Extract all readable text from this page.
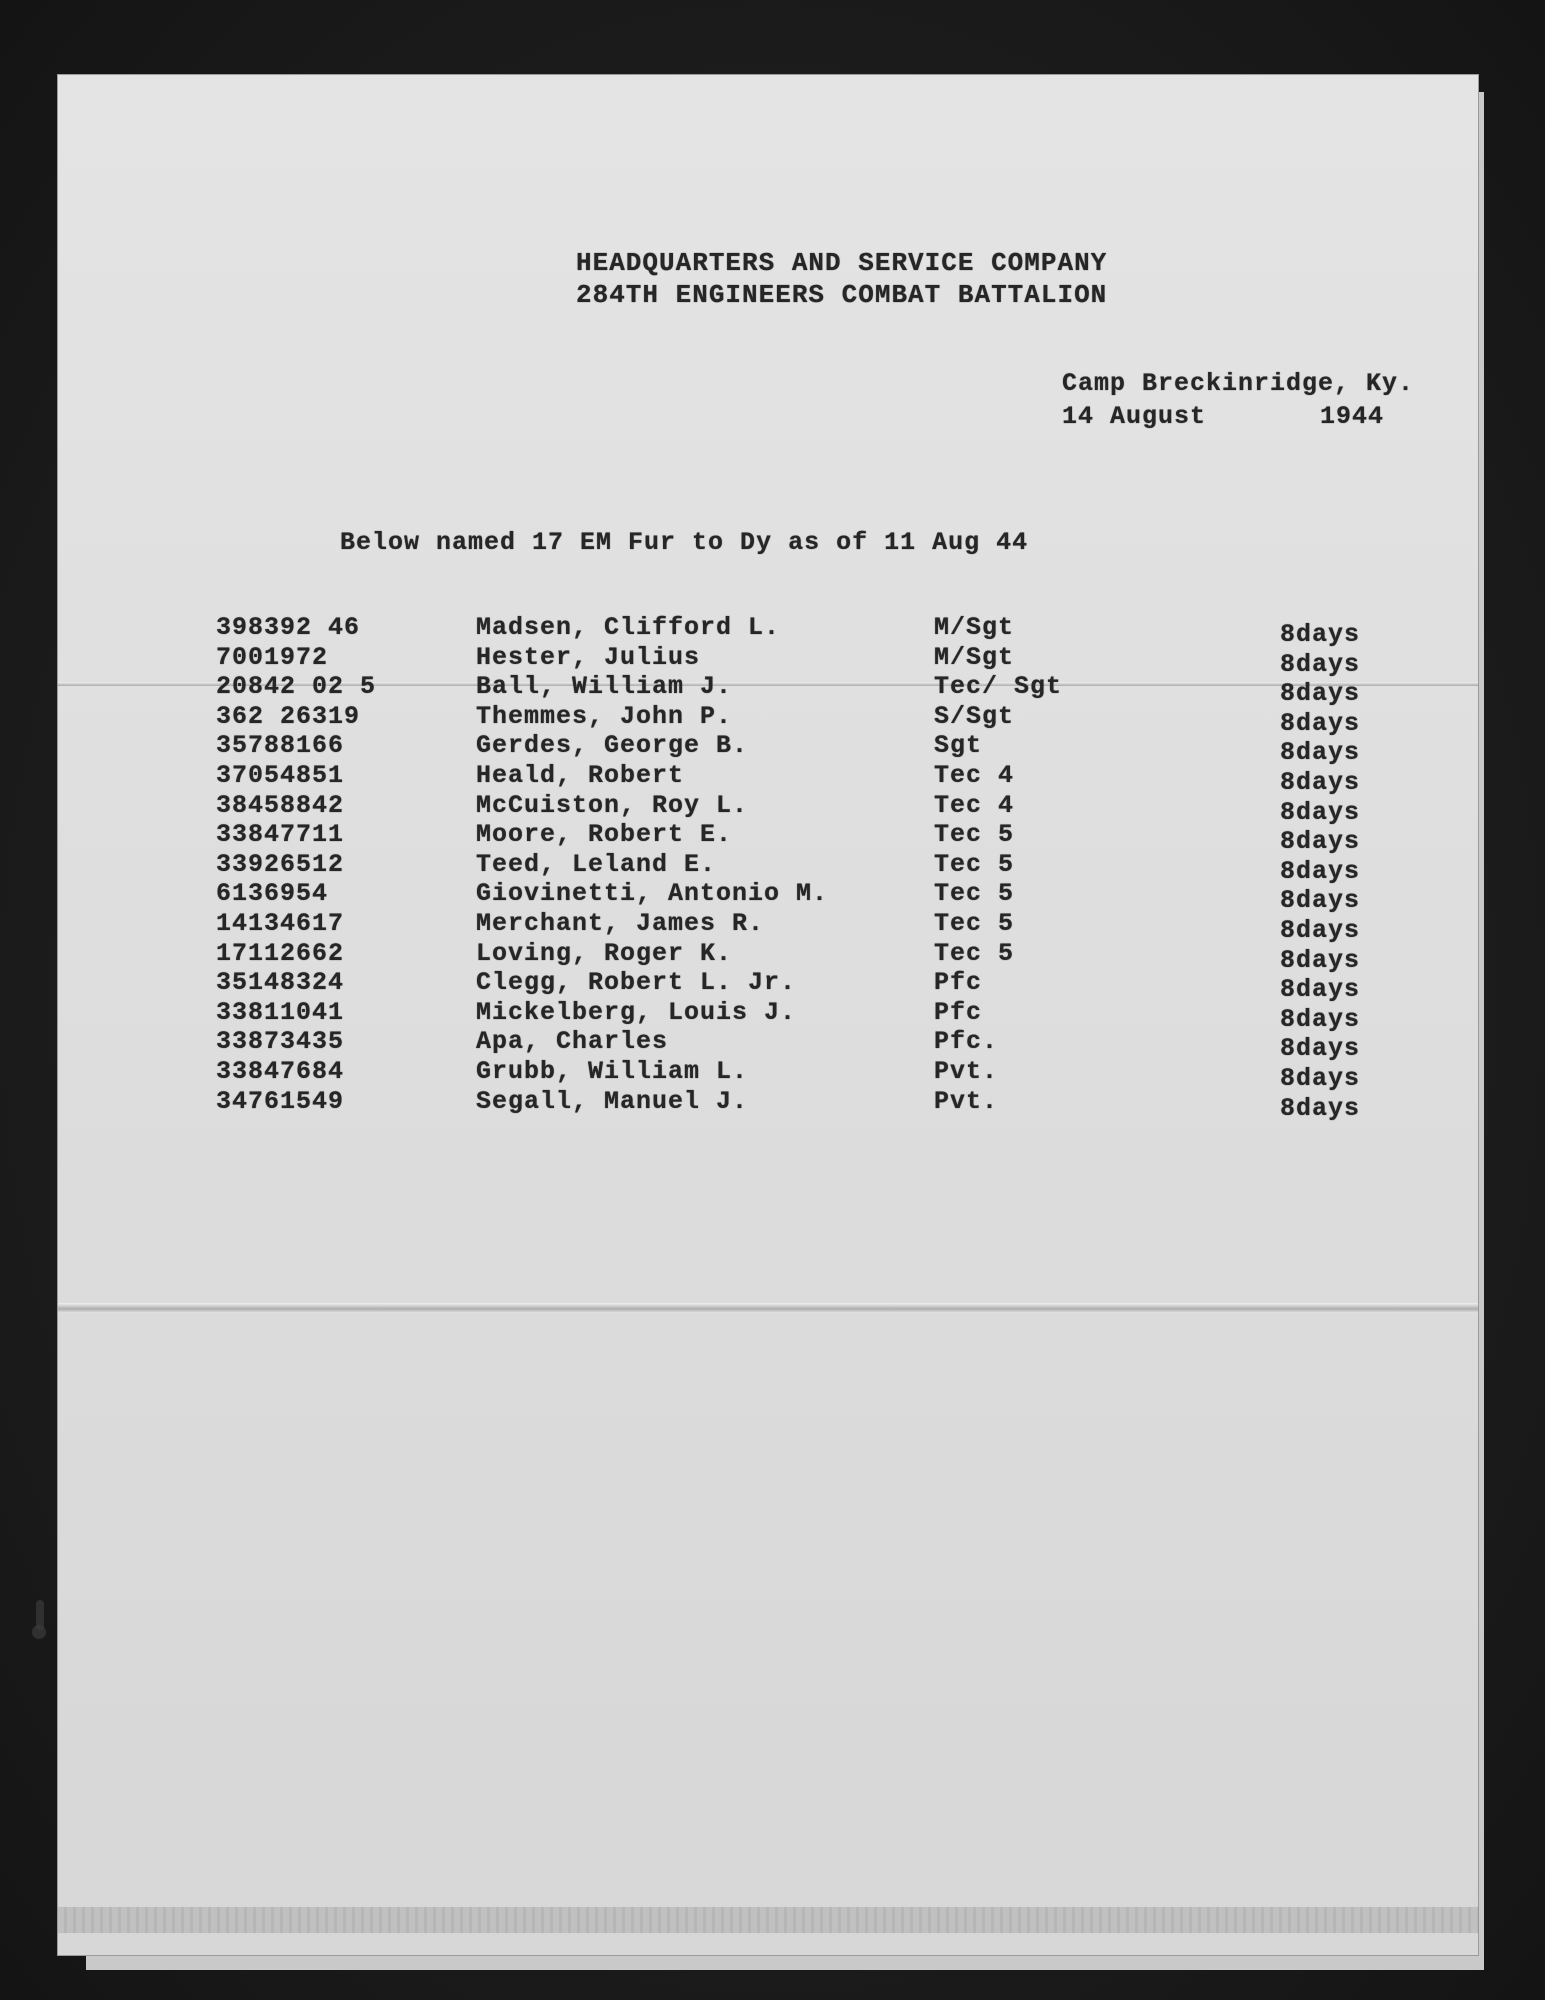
HEADQUARTERS AND SERVICE COMPANY
284TH ENGINEERS COMBAT BATTALION
Camp Breckinridge, Ky.
14 August	1944
Below named 17 EM Fur to Dy as of 11 Aug 44
398392 46	Madsen, Clifford L.	M/Sgt	8days
7001972	Hester, Julius	M/Sgt	8days
20842 02 5	Ball, William J.	Tec/ Sgt	8days
362 26319	Themmes, John P.	S/Sgt	8days
35788166	Gerdes, George B.	Sgt	8days
37054851	Heald, Robert	Tec 4	8days
38458842	McCuiston, Roy L.	Tec 4	8days
33847711	Moore, Robert E.	Tec 5	8days
33926512	Teed, Leland E.	Tec 5	8days
6136954	Giovinetti, Antonio M.	Tec 5	8days
14134617	Merchant, James R.	Tec 5	8days
17112662	Loving, Roger K.	Tec 5	8days
35148324	Clegg, Robert L. Jr.	Pfc	8days
33811041	Mickelberg, Louis J.	Pfc	8days
33873435	Apa, Charles	Pfc.	8days
33847684	Grubb, William L.	Pvt.	8days
34761549	Segall, Manuel J.	Pvt.	8days
